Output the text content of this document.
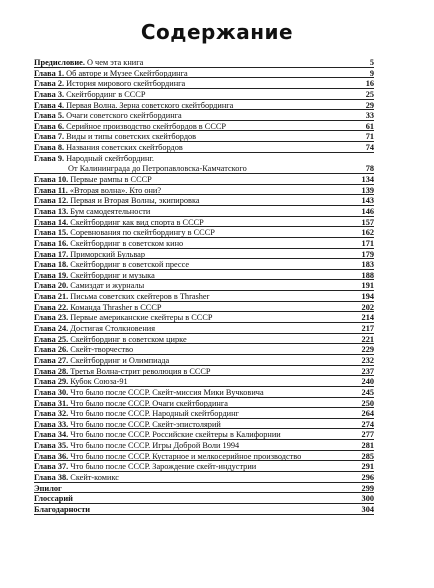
Содержание
Предисловие. О чем эта книга	5
Глава 1. Об авторе и Музее Скейтбординга	9
Глава 2. История мирового скейтбординга	16
Глава 3. Скейтбординг в СССР	25
Глава 4. Первая Волна. Зерна советского скейтбординга	29
Глава 5. Очаги советского скейтбординга	33
Глава 6. Серийное производство скейтбордов в СССР	61
Глава 7. Виды и типы советских скейтбордов	71
Глава 8. Названия советских скейтбордов	74
Глава 9. Народный скейтбординг.
От Калининграда до Петропавловска-Камчатского	78
Глава 10. Первые рампы в СССР	134
Глава 11. «Вторая волна». Кто они?	139
Глава 12. Первая и Вторая Волны, экипировка	143
Глава 13. Бум самодеятельности	146
Глава 14. Скейтбординг как вид спорта в СССР	157
Глава 15. Соревнования по скейтбордингу в СССР	162
Глава 16. Скейтбординг в советском кино	171
Глава 17. Приморский Бульвар	179
Глава 18. Скейтбординг в советской прессе	183
Глава 19. Скейтбординг и музыка	188
Глава 20. Самиздат и журналы	191
Глава 21. Письма советских скейтеров в Thrasher	194
Глава 22. Команда Thrasher в СССР	202
Глава 23. Первые американские скейтеры в СССР	214
Глава 24. Достигая Столкновения	217
Глава 25. Скейтбординг в советском цирке	221
Глава 26. Скейт-творчество	229
Глава 27. Скейтбординг и Олимпиада	232
Глава 28. Третья Волна-стрит революция в СССР	237
Глава 29. Кубок Союза-91	240
Глава 30. Что было после СССР. Скейт-миссия Мики Вучковича	245
Глава 31. Что было после СССР. Очаги скейтбординга	250
Глава 32. Что было после СССР. Народный скейтбординг	264
Глава 33. Что было после СССР. Скейт-эпистолярий	274
Глава 34. Что было после СССР. Российские скейтеры в Калифорнии	277
Глава 35. Что было после СССР. Игры Доброй Воли 1994	281
Глава 36. Что было после СССР. Кустарное и мелкосерийное производство	285
Глава 37. Что было после СССР. Зарождение скейт-индустрии	291
Глава 38. Скейт-комикс	296
Эпилог	299
Глоссарий	300
Благодарности	304
